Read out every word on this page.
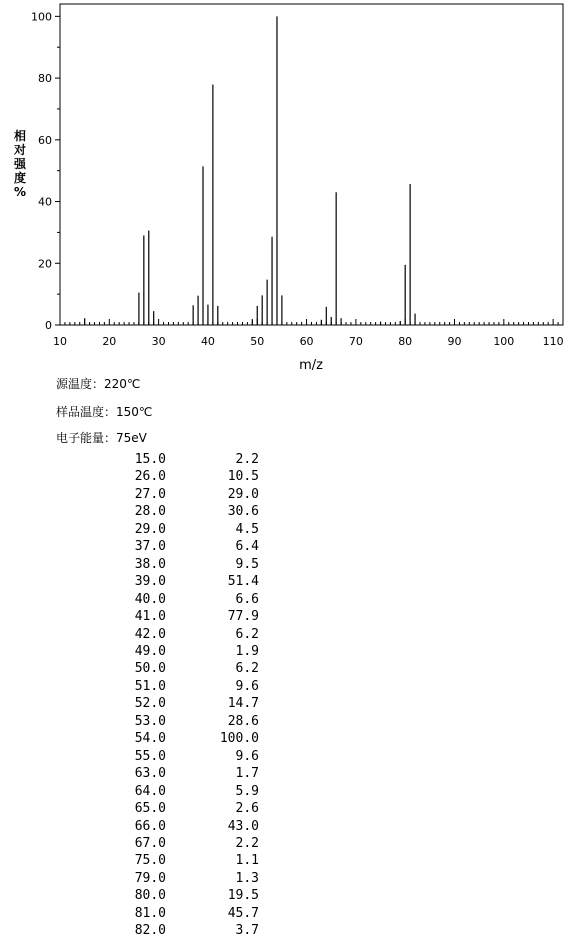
0
20
40
60
80
100
10	20	30	40	50	60	70	80	90	100	110
相对强度%
m/z
源温度：220℃
样品温度：150℃
电子能量：75eV
15.0	2.2
26.0	10.5
27.0	29.0
28.0	30.6
29.0	4.5
37.0	6.4
38.0	9.5
39.0	51.4
40.0	6.6
41.0	77.9
42.0	6.2
49.0	1.9
50.0	6.2
51.0	9.6
52.0	14.7
53.0	28.6
54.0	100.0
55.0	9.6
63.0	1.7
64.0	5.9
65.0	2.6
66.0	43.0
67.0	2.2
75.0	1.1
79.0	1.3
80.0	19.5
81.0	45.7
82.0	3.7
